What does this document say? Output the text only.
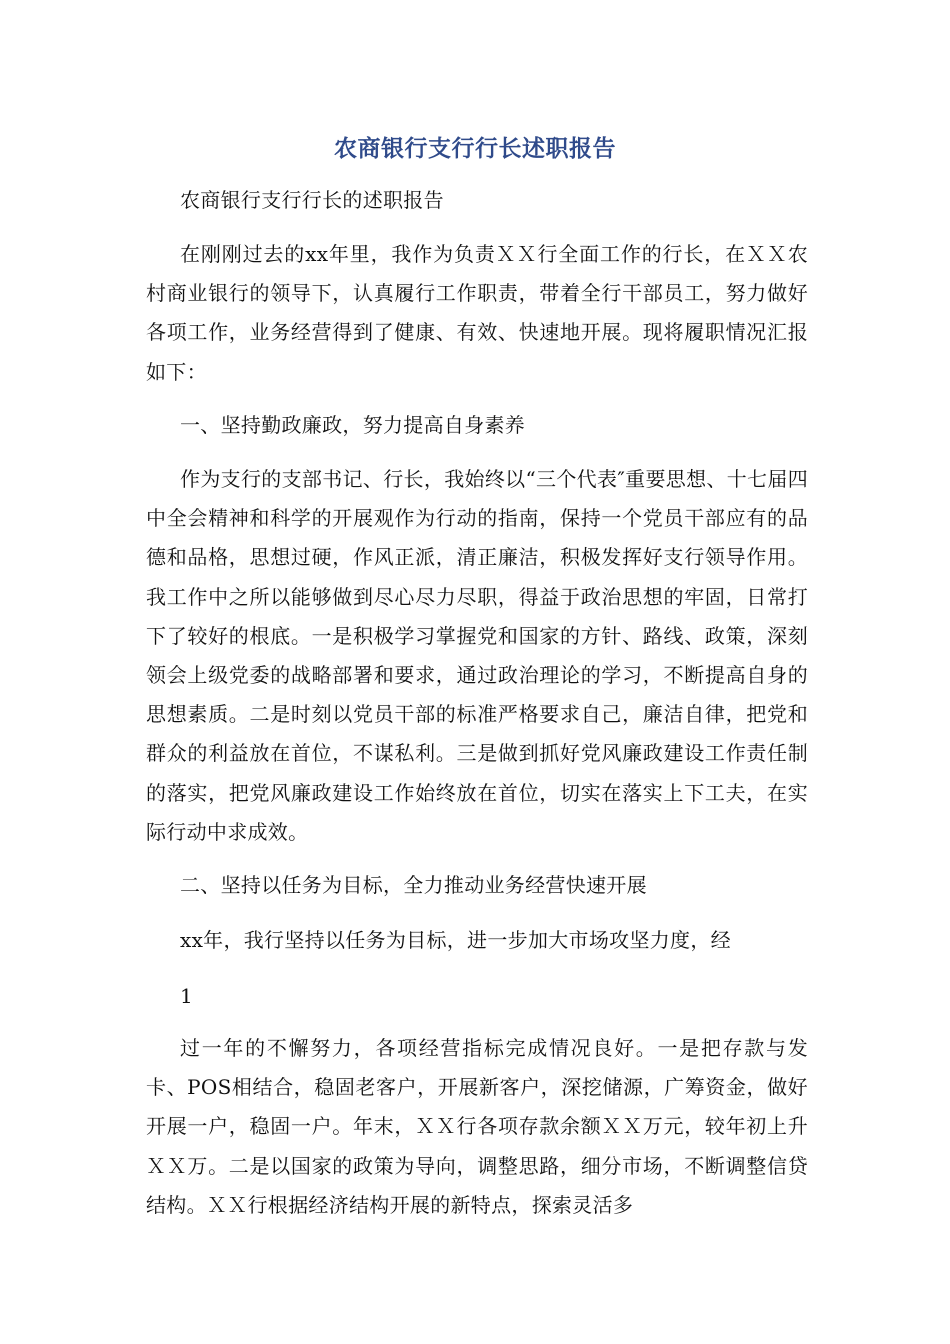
农商银行支行行长述职报告
农商银行支行行长的述职报告
在刚刚过去的xx年里，我作为负责ＸＸ行全面工作的行长，在ＸＸ农村商业银行的领导下，认真履行工作职责，带着全行干部员工，努力做好各项工作，业务经营得到了健康、有效、快速地开展。现将履职情况汇报如下：
一、坚持勤政廉政，努力提高自身素养
作为支行的支部书记、行长，我始终以“三个代表″重要思想、十七届四中全会精神和科学的开展观作为行动的指南，保持一个党员干部应有的品德和品格，思想过硬，作风正派，清正廉洁，积极发挥好支行领导作用。我工作中之所以能够做到尽心尽力尽职，得益于政治思想的牢固，日常打下了较好的根底。一是积极学习掌握党和国家的方针、路线、政策，深刻领会上级党委的战略部署和要求，通过政治理论的学习，不断提高自身的思想素质。二是时刻以党员干部的标准严格要求自己，廉洁自律，把党和群众的利益放在首位，不谋私利。三是做到抓好党风廉政建设工作责任制的落实，把党风廉政建设工作始终放在首位，切实在落实上下工夫，在实际行动中求成效。
二、坚持以任务为目标，全力推动业务经营快速开展
xx年，我行坚持以任务为目标，进一步加大市场攻坚力度，经
1
过一年的不懈努力，各项经营指标完成情况良好。一是把存款与发卡、POS相结合，稳固老客户，开展新客户，深挖储源，广筹资金，做好开展一户，稳固一户。年末，ＸＸ行各项存款余额ＸＸ万元，较年初上升ＸＸ万。二是以国家的政策为导向，调整思路，细分市场，不断调整信贷结构。ＸＸ行根据经济结构开展的新特点，探索灵活多
